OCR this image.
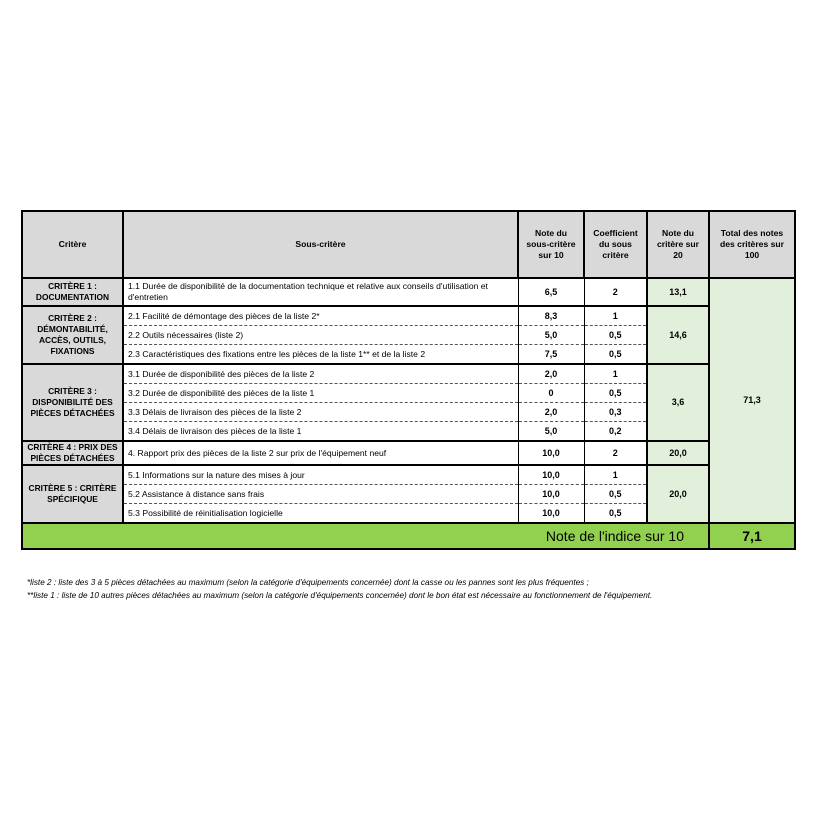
Critère	Sous-critère	Note du sous-critère sur 10	Coefficient du sous critère	Note du critère sur 20	Total des notes des critères sur 100
CRITÈRE 1 : DOCUMENTATION	1.1 Durée de disponibilité de la documentation technique et relative aux conseils d'utilisation et d'entretien	6,5	2	13,1	71,3
CRITÈRE 2 : DÉMONTABILITÉ, ACCÈS, OUTILS, FIXATIONS	2.1 Facilité de démontage des pièces de la liste 2*	8,3	1	14,6	
	2.2 Outils nécessaires (liste 2)	5,0	0,5		
	2.3 Caractéristiques des fixations entre les pièces de la liste 1** et de la liste 2	7,5	0,5		
CRITÈRE 3 : DISPONIBILITÉ DES PIÈCES DÉTACHÉES	3.1 Durée de disponibilité des pièces de la liste 2	2,0	1	3,6	
	3.2 Durée de disponibilité des pièces de la liste 1	0	0,5		
	3.3 Délais de livraison des pièces de la liste 2	2,0	0,3		
	3.4 Délais de livraison des pièces de la liste 1	5,0	0,2		
CRITÈRE 4 : PRIX DES PIÈCES DÉTACHÉES	4. Rapport prix des pièces de la liste 2 sur prix de l'équipement neuf	10,0	2	20,0	
CRITÈRE 5 : CRITÈRE SPÉCIFIQUE	5.1 Informations sur la nature des mises à jour	10,0	1	20,0	
	5.2 Assistance à distance sans frais	10,0	0,5		
	5.3 Possibilité de réinitialisation logicielle	10,0	0,5		
Note de l'indice sur 10					7,1
*liste 2 : liste des 3 à 5 pièces détachées au maximum (selon la catégorie d'équipements concernée) dont la casse ou les pannes sont les plus fréquentes ;
**liste 1 : liste de 10 autres pièces détachées au maximum (selon la catégorie d'équipements concernée) dont le bon état est nécessaire au fonctionnement de l'équipement.
